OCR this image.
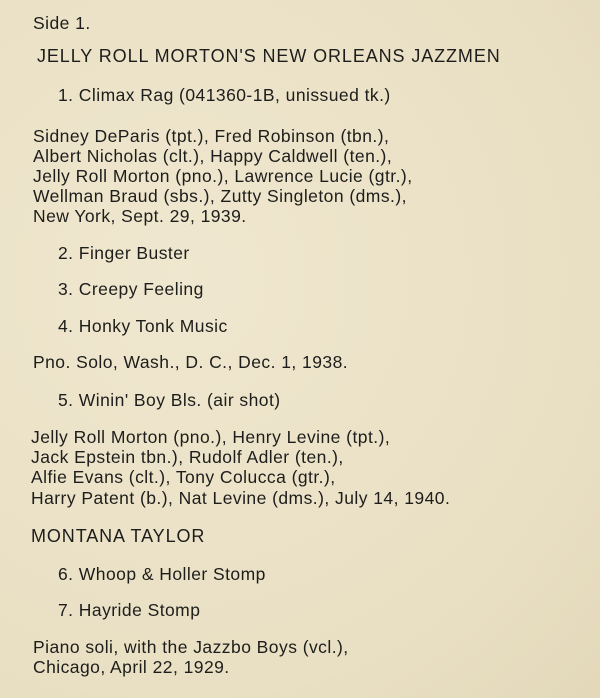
Side 1.
JELLY ROLL MORTON'S NEW ORLEANS JAZZMEN
1. Climax Rag (041360-1B, unissued tk.)
Sidney DeParis (tpt.), Fred Robinson (tbn.),
Albert Nicholas (clt.), Happy Caldwell (ten.),
Jelly Roll Morton (pno.), Lawrence Lucie (gtr.),
Wellman Braud (sbs.), Zutty Singleton (dms.),
New York, Sept. 29, 1939.
2. Finger Buster
3. Creepy Feeling
4. Honky Tonk Music
Pno. Solo, Wash., D. C., Dec. 1, 1938.
5. Winin' Boy Bls. (air shot)
Jelly Roll Morton (pno.), Henry Levine (tpt.),
Jack Epstein tbn.), Rudolf Adler (ten.),
Alfie Evans (clt.), Tony Colucca (gtr.),
Harry Patent (b.), Nat Levine (dms.), July 14, 1940.
MONTANA TAYLOR
6. Whoop & Holler Stomp
7. Hayride Stomp
Piano soli, with the Jazzbo Boys (vcl.),
Chicago, April 22, 1929.
